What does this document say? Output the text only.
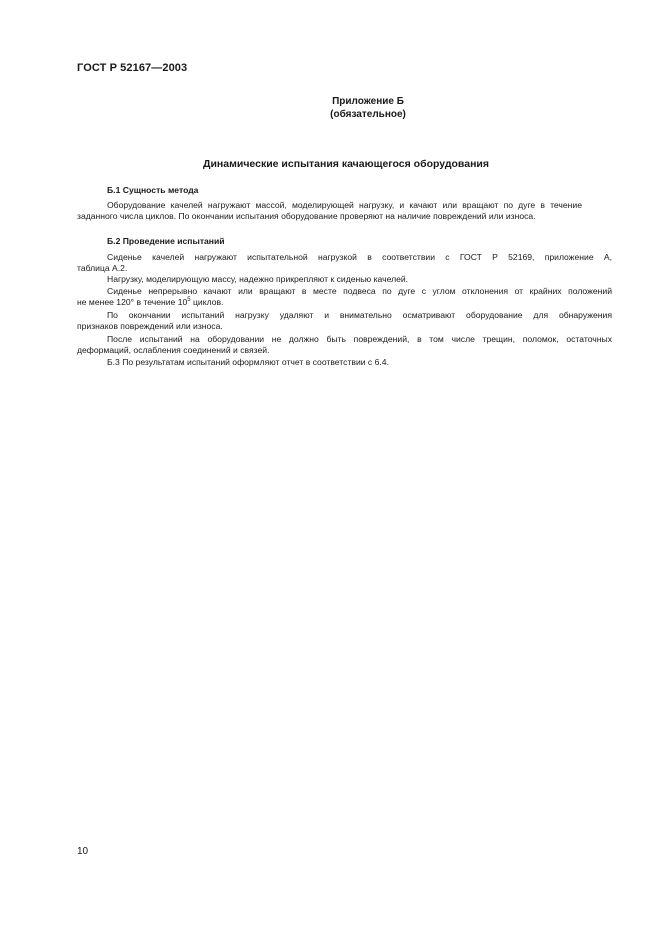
ГОСТ Р 52167—2003
Приложение Б
(обязательное)
Динамические испытания качающегося оборудования
Б.1 Сущность метода
Оборудование качелей нагружают массой, моделирующей нагрузку, и качают или вращают по дуге в течение
заданного числа циклов. По окончании испытания оборудование проверяют на наличие повреждений или износа.
Б.2 Проведение испытаний
Сиденье качелей нагружают испытательной нагрузкой в соответствии с ГОСТ Р 52169, приложение А,
таблица А.2.
Нагрузку, моделирующую массу, надежно прикрепляют к сиденью качелей.
Сиденье непрерывно качают или вращают в месте подвеса по дуге с углом отклонения от крайних положений
не менее 120° в течение $10^5$ циклов.
По окончании испытаний нагрузку удаляют и внимательно осматривают оборудование для обнаружения
признаков повреждений или износа.
После испытаний на оборудовании не должно быть повреждений, в том числе трещин, поломок, остаточных
деформаций, ослабления соединений и связей.
Б.3 По результатам испытаний оформляют отчет в соответствии с 6.4.
10
